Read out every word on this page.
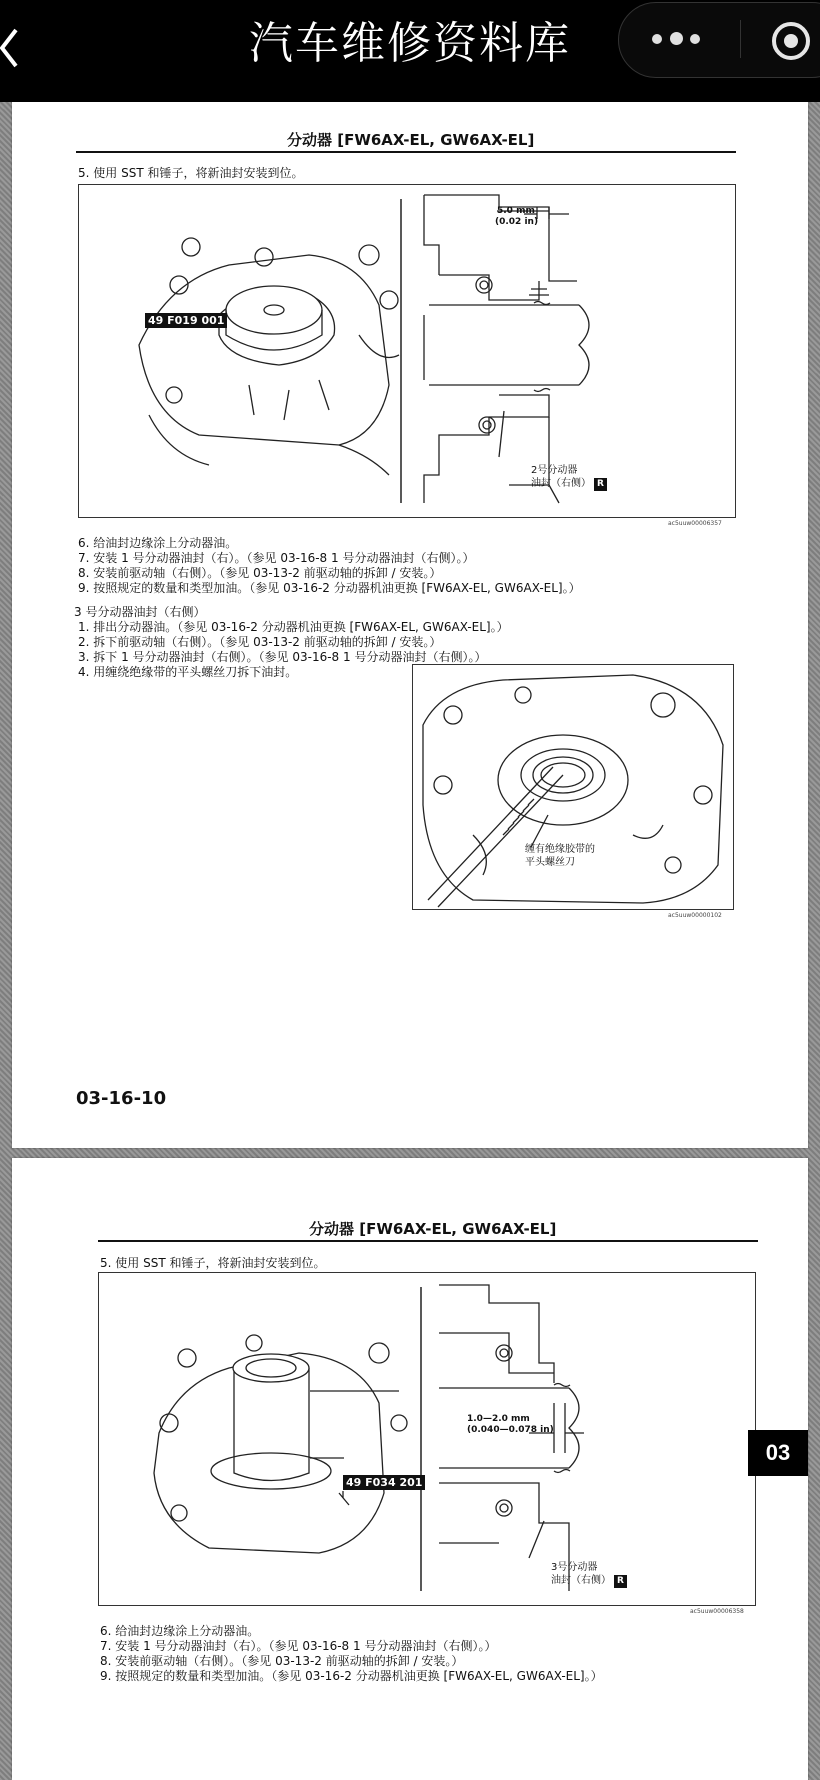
汽车维修资料库
分动器 [FW6AX-EL, GW6AX-EL]
5. 使用 SST 和锤子，将新油封安装到位。
49 F019 001
5.0 mm
(0.02 in)
2号分动器
油封（右侧） R
ac5uuw00006357
6. 给油封边缘涂上分动器油。
7. 安装 1 号分动器油封（右）。（参见 03-16-8 1 号分动器油封（右侧）。）
8. 安装前驱动轴（右侧）。（参见 03-13-2 前驱动轴的拆卸 / 安装。）
9. 按照规定的数量和类型加油。（参见 03-16-2 分动器机油更换 [FW6AX-EL, GW6AX-EL]。）
3 号分动器油封（右侧）
1. 排出分动器油。（参见 03-16-2 分动器机油更换 [FW6AX-EL, GW6AX-EL]。）
2. 拆下前驱动轴（右侧）。（参见 03-13-2 前驱动轴的拆卸 / 安装。）
3. 拆下 1 号分动器油封（右侧）。（参见 03-16-8 1 号分动器油封（右侧）。）
4. 用缠绕绝缘带的平头螺丝刀拆下油封。
缠有绝缘胶带的
平头螺丝刀
ac5uuw00000102
03-16-10
分动器 [FW6AX-EL, GW6AX-EL]
5. 使用 SST 和锤子，将新油封安装到位。
49 F034 201
1.0—2.0 mm
(0.040—0.078 in)
3号分动器
油封（右侧） R
ac5uuw00006358
6. 给油封边缘涂上分动器油。
7. 安装 1 号分动器油封（右）。（参见 03-16-8 1 号分动器油封（右侧）。）
8. 安装前驱动轴（右侧）。（参见 03-13-2 前驱动轴的拆卸 / 安装。）
9. 按照规定的数量和类型加油。（参见 03-16-2 分动器机油更换 [FW6AX-EL, GW6AX-EL]。）
03
